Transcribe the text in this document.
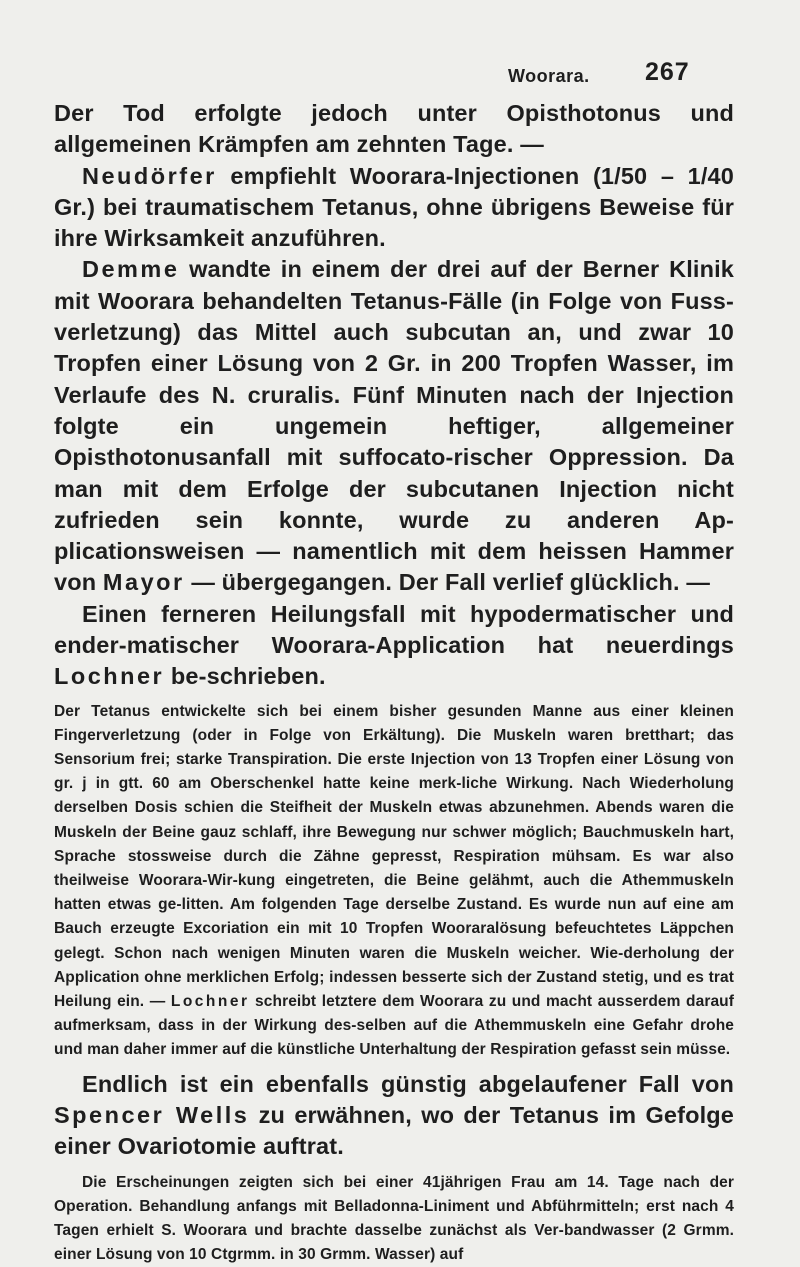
Woorara. 267

Der Tod erfolgte jedoch unter Opisthotonus und allgemeinen Krämpfen am zehnten Tage. —

Neudörfer empfiehlt Woorara-Injectionen (1/50 – 1/40 Gr.) bei traumatischem Tetanus, ohne übrigens Beweise für ihre Wirksamkeit anzuführen.

Demme wandte in einem der drei auf der Berner Klinik mit Woorara behandelten Tetanus-Fälle (in Folge von Fuss-verletzung) das Mittel auch subcutan an, und zwar 10 Tropfen einer Lösung von 2 Gr. in 200 Tropfen Wasser, im Verlaufe des N. cruralis. Fünf Minuten nach der Injection folgte ein ungemein heftiger, allgemeiner Opisthotonusanfall mit suffocato-rischer Oppression. Da man mit dem Erfolge der subcutanen Injection nicht zufrieden sein konnte, wurde zu anderen Ap-plicationsweisen — namentlich mit dem heissen Hammer von Mayor — übergegangen. Der Fall verlief glücklich. —

Einen ferneren Heilungsfall mit hypodermatischer und ender-matischer Woorara-Application hat neuerdings Lochner be-schrieben.

Der Tetanus entwickelte sich bei einem bisher gesunden Manne aus einer kleinen Fingerverletzung (oder in Folge von Erkältung). Die Muskeln waren bretthart; das Sensorium frei; starke Transpiration. Die erste Injection von 13 Tropfen einer Lösung von gr. j in gtt. 60 am Oberschenkel hatte keine merk-liche Wirkung. Nach Wiederholung derselben Dosis schien die Steifheit der Muskeln etwas abzunehmen. Abends waren die Muskeln der Beine gauz schlaff, ihre Bewegung nur schwer möglich; Bauchmuskeln hart, Sprache stossweise durch die Zähne gepresst, Respiration mühsam. Es war also theilweise Woorara-Wir-kung eingetreten, die Beine gelähmt, auch die Athemmuskeln hatten etwas ge-litten. Am folgenden Tage derselbe Zustand. Es wurde nun auf eine am Bauch erzeugte Excoriation ein mit 10 Tropfen Wooraralösung befeuchtetes Läppchen gelegt. Schon nach wenigen Minuten waren die Muskeln weicher. Wie-derholung der Application ohne merklichen Erfolg; indessen besserte sich der Zustand stetig, und es trat Heilung ein. — Lochner schreibt letztere dem Woorara zu und macht ausserdem darauf aufmerksam, dass in der Wirkung des-selben auf die Athemmuskeln eine Gefahr drohe und man daher immer auf die künstliche Unterhaltung der Respiration gefasst sein müsse.

Endlich ist ein ebenfalls günstig abgelaufener Fall von Spencer Wells zu erwähnen, wo der Tetanus im Gefolge einer Ovariotomie auftrat.

Die Erscheinungen zeigten sich bei einer 41jährigen Frau am 14. Tage nach der Operation. Behandlung anfangs mit Belladonna-Liniment und Abführmitteln; erst nach 4 Tagen erhielt S. Woorara und brachte dasselbe zunächst als Ver-bandwasser (2 Grmm. einer Lösung von 10 Ctgrmm. in 30 Grmm. Wasser) auf
